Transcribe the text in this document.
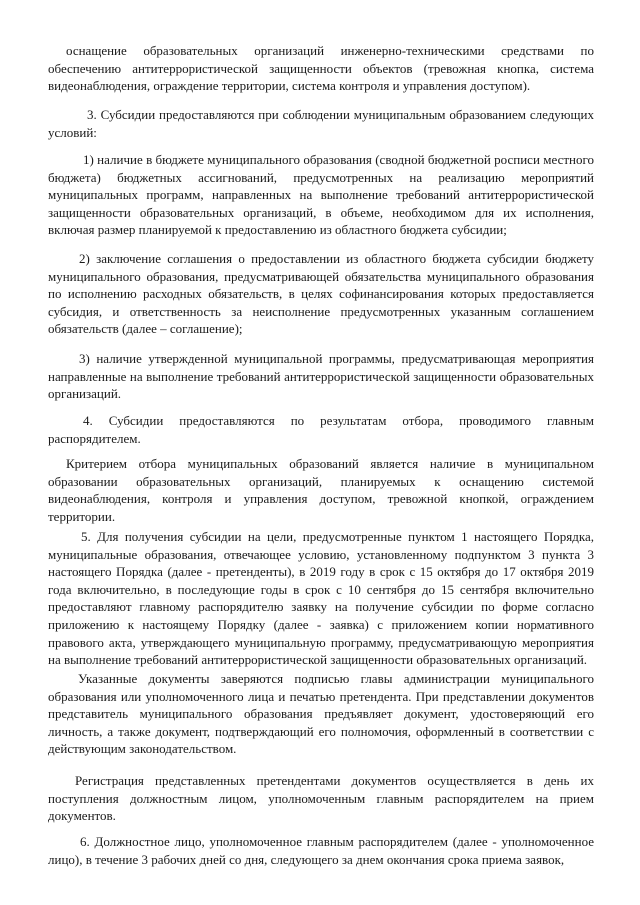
оснащение образовательных организаций инженерно-техническими средствами по обеспечению антитеррористической защищенности объектов (тревожная кнопка, система видеонаблюдения, ограждение территории, система контроля и управления доступом).

3. Субсидии предоставляются при соблюдении муниципальным образованием следующих условий:

1) наличие в бюджете муниципального образования (сводной бюджетной росписи местного бюджета) бюджетных ассигнований, предусмотренных на реализацию мероприятий муниципальных программ, направленных на выполнение требований антитеррористической защищенности образовательных организаций, в объеме, необходимом для их исполнения, включая размер планируемой к предоставлению из областного бюджета субсидии;

2) заключение соглашения о предоставлении из областного бюджета субсидии бюджету муниципального образования, предусматривающей обязательства муниципального образования по исполнению расходных обязательств, в целях софинансирования которых предоставляется субсидия, и ответственность за неисполнение предусмотренных указанным соглашением обязательств (далее – соглашение);

3) наличие утвержденной муниципальной программы, предусматривающая мероприятия направленные на выполнение требований антитеррористической защищенности образовательных организаций.

4. Субсидии предоставляются по результатам отбора, проводимого главным распорядителем.

Критерием отбора муниципальных образований является наличие в муниципальном образовании образовательных организаций, планируемых к оснащению системой видеонаблюдения, контроля и управления доступом, тревожной кнопкой, ограждением территории.

5. Для получения субсидии на цели, предусмотренные пунктом 1 настоящего Порядка, муниципальные образования, отвечающее условию, установленному подпунктом 3 пункта 3 настоящего Порядка (далее - претенденты), в 2019 году в срок с 15 октября до 17 октября 2019 года включительно, в последующие годы в срок с 10 сентября до 15 сентября включительно предоставляют главному распорядителю заявку на получение субсидии по форме согласно приложению к настоящему Порядку (далее - заявка) с приложением копии нормативного правового акта, утверждающего муниципальную программу, предусматривающую мероприятия на выполнение требований антитеррористической защищенности образовательных организаций.

Указанные документы заверяются подписью главы администрации муниципального образования или уполномоченного лица и печатью претендента. При представлении документов представитель муниципального образования предъявляет документ, удостоверяющий его личность, а также документ, подтверждающий его полномочия, оформленный в соответствии с действующим законодательством.

Регистрация представленных претендентами документов осуществляется в день их поступления должностным лицом, уполномоченным главным распорядителем на прием документов.

6. Должностное лицо, уполномоченное главным распорядителем (далее - уполномоченное лицо), в течение 3 рабочих дней со дня, следующего за днем окончания срока приема заявок,
